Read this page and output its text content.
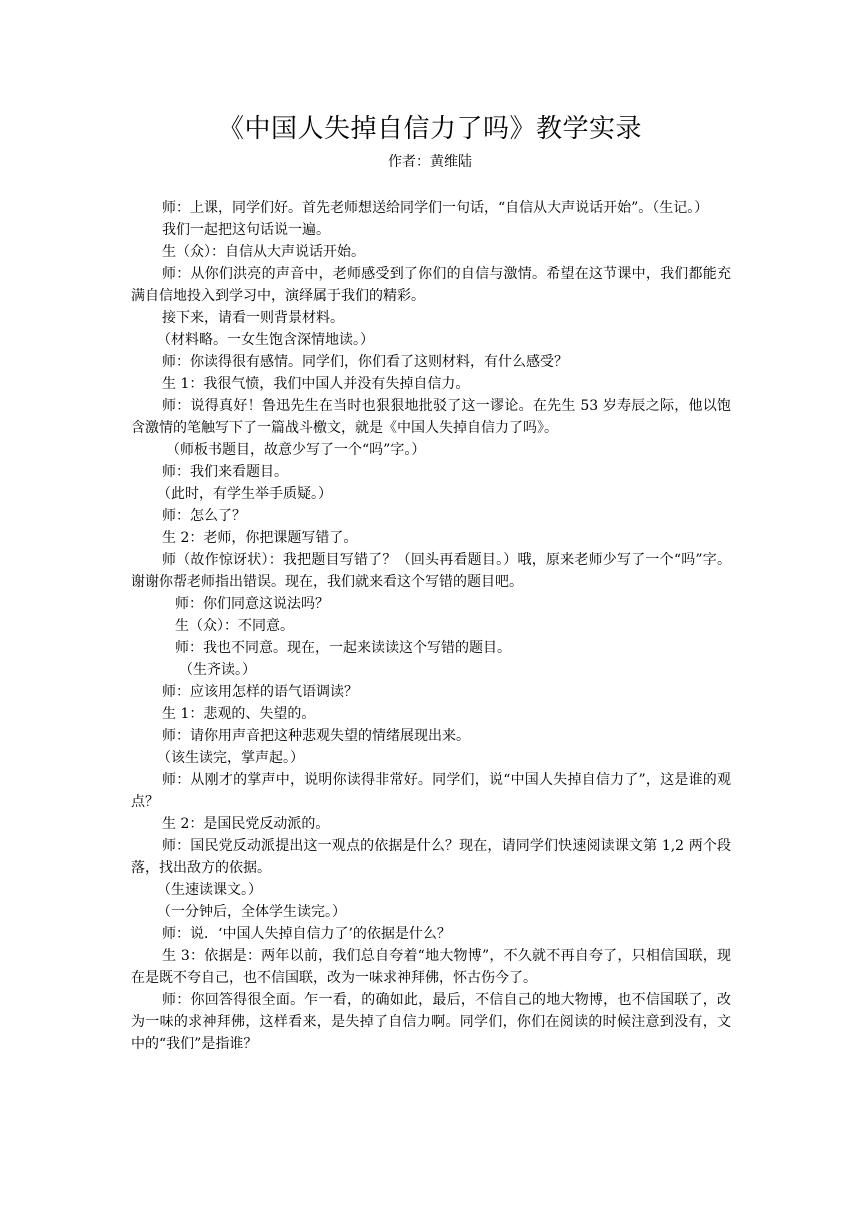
《中国人失掉自信力了吗》教学实录
作者：黄维陆

师：上课，同学们好。首先老师想送给同学们一句话，“自信从大声说话开始”。（生记。）

我们一起把这句话说一遍。

生（众）：自信从大声说话开始。

师：从你们洪亮的声音中，老师感受到了你们的自信与激情。希望在这节课中，我们都能充满自信地投入到学习中，演绎属于我们的精彩。

接下来，请看一则背景材料。

（材料略。一女生饱含深情地读。）

师：你读得很有感情。同学们，你们看了这则材料，有什么感受？

生 1：我很气愤，我们中国人并没有失掉自信力。

师：说得真好！鲁迅先生在当时也狠狠地批驳了这一谬论。在先生 53 岁寿辰之际，他以饱含激情的笔触写下了一篇战斗檄文，就是《中国人失掉自信力了吗》。

（师板书题目，故意少写了一个“吗”字。）

师：我们来看题目。

（此时，有学生举手质疑。）

师：怎么了？

生 2：老师，你把课题写错了。

师（故作惊讶状）：我把题目写错了？（回头再看题目。）哦，原来老师少写了一个“吗”字。谢谢你帮老师指出错误。现在，我们就来看这个写错的题目吧。

师：你们同意这说法吗？

生（众）：不同意。

师：我也不同意。现在，一起来读读这个写错的题目。

（生齐读。）

师：应该用怎样的语气语调读？

生 1：悲观的、失望的。

师：请你用声音把这种悲观失望的情绪展现出来。

（该生读完，掌声起。）

师：从刚才的掌声中，说明你读得非常好。同学们，说“中国人失掉自信力了”，这是谁的观点？

生 2：是国民党反动派的。

师：国民党反动派提出这一观点的依据是什么？现在，请同学们快速阅读课文第 1,2 两个段落，找出敌方的依据。

（生速读课文。）

（一分钟后，全体学生读完。）

师：说．‘中国人失掉自信力了’的依据是什么？

生 3：依据是：两年以前，我们总自夸着“地大物博”，不久就不再自夸了，只相信国联，现在是既不夸自己，也不信国联，改为一味求神拜佛，怀古伤今了。

师：你回答得很全面。乍一看，的确如此，最后，不信自己的地大物博，也不信国联了，改为一味的求神拜佛，这样看来，是失掉了自信力啊。同学们，你们在阅读的时候注意到没有，文中的“我们”是指谁？
